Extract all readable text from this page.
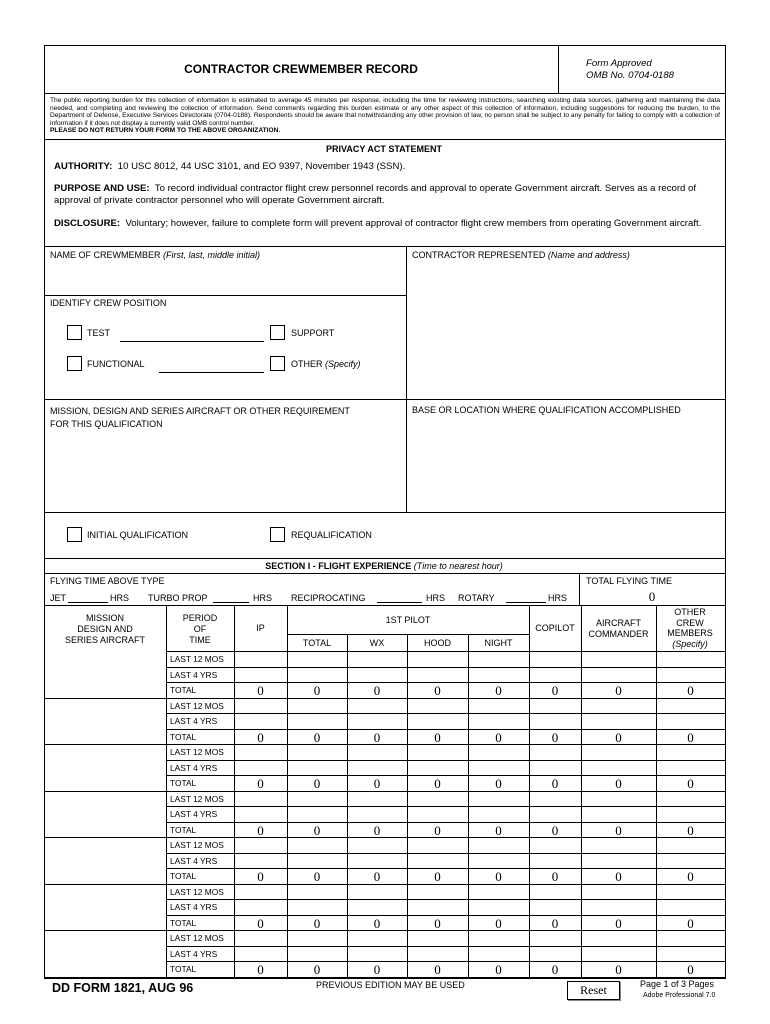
CONTRACTOR CREWMEMBER RECORD	Form Approved
OMB No. 0704-0188
The public reporting burden for this collection of information is estimated to average 45 minutes per response, including the time for reviewing instructions, searching existing data sources, gathering and maintaining the data needed, and completing and reviewing the collection of information. Send comments regarding this burden estimate or any other aspect of this collection of information, including suggestions for reducing the burden, to the Department of Defense, Executive Services Directorate (0704-0188). Respondents should be aware that notwithstanding any other provision of law, no person shall be subject to any penalty for failing to comply with a collection of information if it does not display a currently valid OMB control number.
PLEASE DO NOT RETURN YOUR FORM TO THE ABOVE ORGANIZATION.
PRIVACY ACT STATEMENT
AUTHORITY: 10 USC 8012, 44 USC 3101, and EO 9397, November 1943 (SSN).
PURPOSE AND USE: To record individual contractor flight crew personnel records and approval to operate Government aircraft. Serves as a record of approval of private contractor personnel who will operate Government aircraft.
DISCLOSURE: Voluntary; however, failure to complete form will prevent approval of contractor flight crew members from operating Government aircraft.
NAME OF CREWMEMBER (First, last, middle initial)	CONTRACTOR REPRESENTED (Name and address)
IDENTIFY CREW POSITION
TEST	SUPPORT
FUNCTIONAL	OTHER (Specify)
MISSION, DESIGN AND SERIES AIRCRAFT OR OTHER REQUIREMENT
FOR THIS QUALIFICATION
BASE OR LOCATION WHERE QUALIFICATION ACCOMPLISHED
INITIAL QUALIFICATION	REQUALIFICATION
SECTION I - FLIGHT EXPERIENCE (Time to nearest hour)
FLYING TIME ABOVE TYPE	TOTAL FLYING TIME
0
JET	HRS TURBO PROP	HRS RECIPROCATING	HRS ROTARY	HRS
MISSION
DESIGN AND
SERIES AIRCRAFT
PERIOD
OF
TIME
IP
1ST PILOT
TOTAL	WX	HOOD	NIGHT
COPILOT	AIRCRAFT
COMMANDER
OTHER
CREW
MEMBERS
(Specify)
LAST 12 MOS
LAST 4 YRS
TOTAL	0	0	0	0	0	0	0	0
LAST 12 MOS
LAST 4 YRS
TOTAL	0	0	0	0	0	0	0	0
LAST 12 MOS
LAST 4 YRS
TOTAL	0	0	0	0	0	0	0	0
LAST 12 MOS
LAST 4 YRS
TOTAL	0	0	0	0	0	0	0	0
LAST 12 MOS
LAST 4 YRS
TOTAL	0	0	0	0	0	0	0	0
LAST 12 MOS
LAST 4 YRS
TOTAL	0	0	0	0	0	0	0	0
LAST 12 MOS
LAST 4 YRS
TOTAL	0	0	0	0	0	0	0	0
DD FORM 1821, AUG 96	PREVIOUS EDITION MAY BE USED	Reset	Page 1 of 3 Pages
Adobe Professional 7.0
